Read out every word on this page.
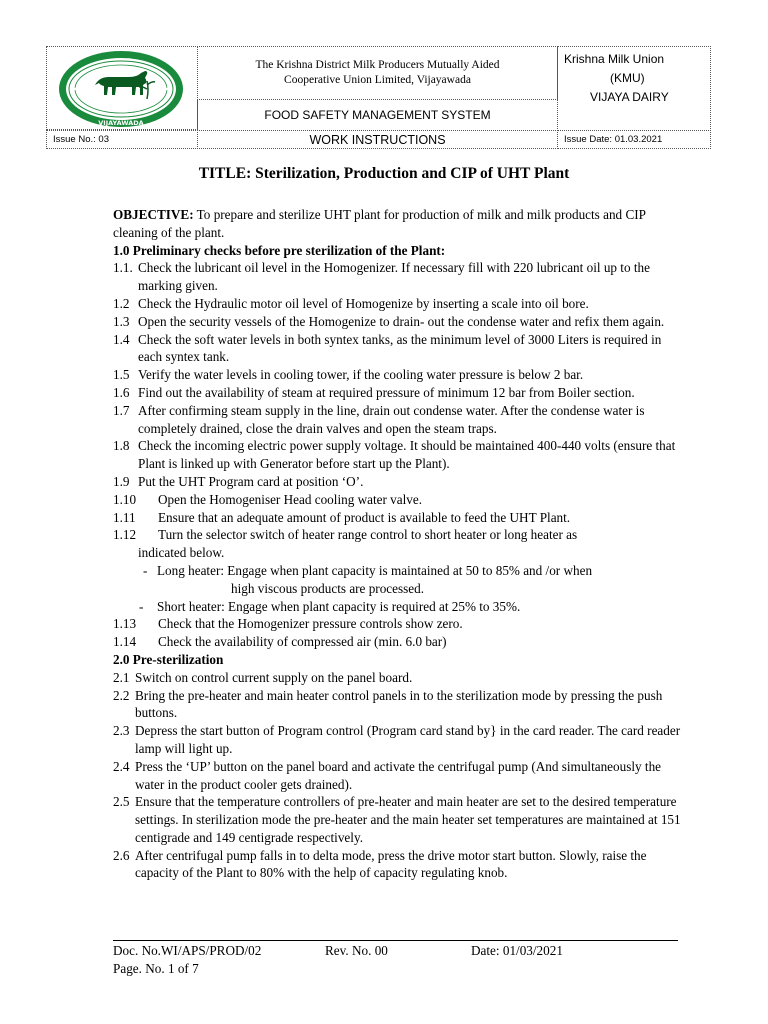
VIJAYAWADA
The Krishna District Milk Producers Mutually Aided
Cooperative Union Limited, Vijayawada
FOOD SAFETY MANAGEMENT SYSTEM
Krishna Milk Union
(KMU)
VIJAYA DAIRY
Issue No.: 03	WORK INSTRUCTIONS	Issue Date: 01.03.2021
TITLE: Sterilization, Production and CIP of UHT Plant

OBJECTIVE: To prepare and sterilize UHT plant for production of milk and milk products and CIP cleaning of the plant.

1.0 Preliminary checks before pre sterilization of the Plant:

1.1. Check the lubricant oil level in the Homogenizer. If necessary fill with 220 lubricant oil up to the marking given.

1.2 Check the Hydraulic motor oil level of Homogenize by inserting a scale into oil bore.

1.3 Open the security vessels of the Homogenize to drain- out the condense water and refix them again.

1.4 Check the soft water levels in both syntex tanks, as the minimum level of 3000 Liters is required in each syntex tank.

1.5 Verify the water levels in cooling tower, if the cooling water pressure is below 2 bar.

1.6 Find out the availability of steam at required pressure of minimum 12 bar from Boiler section.

1.7 After confirming steam supply in the line, drain out condense water. After the condense water is completely drained, close the drain valves and open the steam traps.

1.8 Check the incoming electric power supply voltage. It should be maintained 400-440 volts (ensure that Plant is linked up with Generator before start up the Plant).

1.9 Put the UHT Program card at position ‘O’.

1.10 Open the Homogeniser Head cooling water valve.

1.11 Ensure that an adequate amount of product is available to feed the UHT Plant.

1.12 Turn the selector switch of heater range control to short heater or long heater as

indicated below.

- Long heater: Engage when plant capacity is maintained at 50 to 85% and /or when

high viscous products are processed.

- Short heater: Engage when plant capacity is required at 25% to 35%.

1.13 Check that the Homogenizer pressure controls show zero.

1.14 Check the availability of compressed air (min. 6.0 bar)

2.0 Pre-sterilization

2.1 Switch on control current supply on the panel board.

2.2 Bring the pre-heater and main heater control panels in to the sterilization mode by pressing the push buttons.

2.3 Depress the start button of Program control (Program card stand by} in the card reader. The card reader lamp will light up.

2.4 Press the ‘UP’ button on the panel board and activate the centrifugal pump (And simultaneously the water in the product cooler gets drained).

2.5 Ensure that the temperature controllers of pre-heater and main heater are set to the desired temperature settings. In sterilization mode the pre-heater and the main heater set temperatures are maintained at 151 centigrade and 149 centigrade respectively.

2.6 After centrifugal pump falls in to delta mode, press the drive motor start button. Slowly, raise the capacity of the Plant to 80% with the help of capacity regulating knob.

Doc. No.WI/APS/PROD/02	Rev. No. 00	Date: 01/03/2021
Page. No. 1 of 7
